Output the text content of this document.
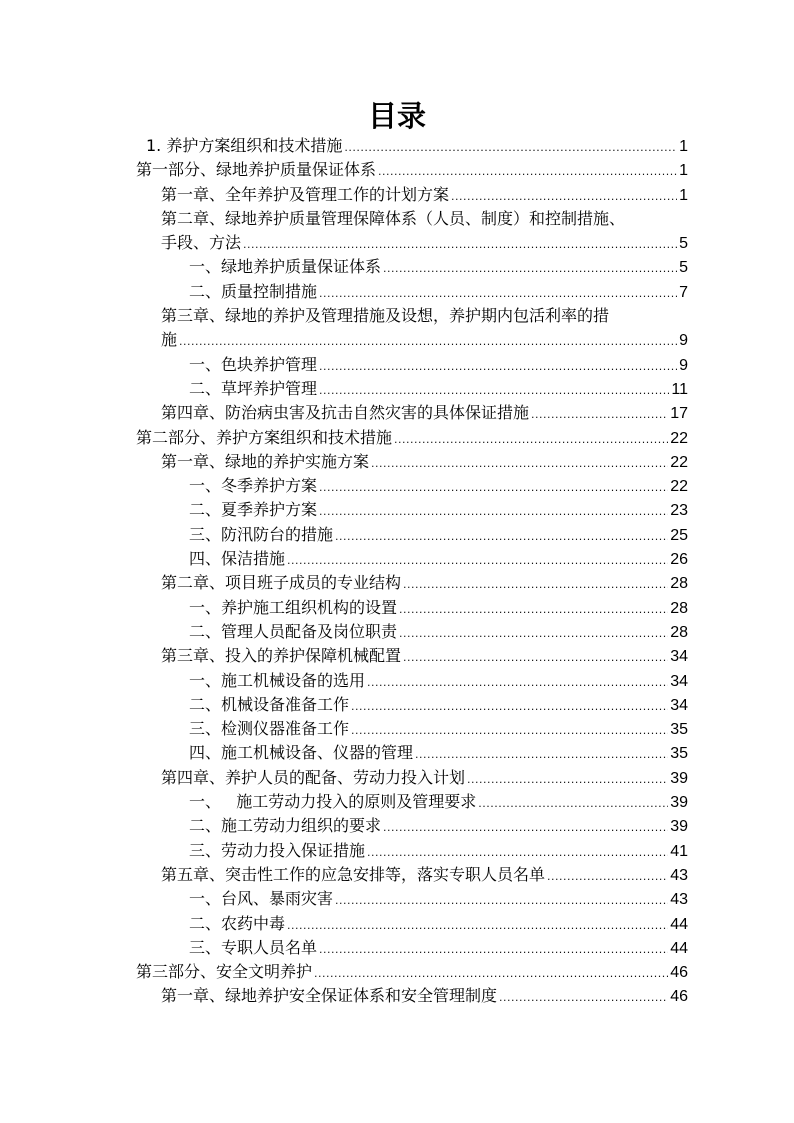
目录
1. 养护方案组织和技术措施 .....	1
第一部分、绿地养护质量保证体系 .....	1
第一章、全年养护及管理工作的计划方案 .....	1
第二章、绿地养护质量管理保障体系（人员、制度）和控制措施、
手段、方法 .....	5
一、绿地养护质量保证体系 .....	5
二、质量控制措施 .....	7
第三章、绿地的养护及管理措施及设想，养护期内包活利率的措
施 .....	9
一、色块养护管理 .....	9
二、草坪养护管理 .....	11
第四章、防治病虫害及抗击自然灾害的具体保证措施 .....	17
第二部分、养护方案组织和技术措施 .....	22
第一章、绿地的养护实施方案 .....	22
一、冬季养护方案 .....	22
二、夏季养护方案 .....	23
三、防汛防台的措施 .....	25
四、保洁措施 .....	26
第二章、项目班子成员的专业结构 .....	28
一、养护施工组织机构的设置 .....	28
二、管理人员配备及岗位职责 .....	28
第三章、投入的养护保障机械配置 .....	34
一、施工机械设备的选用 .....	34
二、机械设备准备工作 .....	34
三、检测仪器准备工作 .....	35
四、施工机械设备、仪器的管理 .....	35
第四章、养护人员的配备、劳动力投入计划 .....	39
一、   施工劳动力投入的原则及管理要求 .....	39
二、施工劳动力组织的要求 .....	39
三、劳动力投入保证措施 .....	41
第五章、突击性工作的应急安排等，落实专职人员名单 .....	43
一、台风、暴雨灾害 .....	43
二、农药中毒 .....	44
三、专职人员名单 .....	44
第三部分、安全文明养护 .....	46
第一章、绿地养护安全保证体系和安全管理制度 .....	46
